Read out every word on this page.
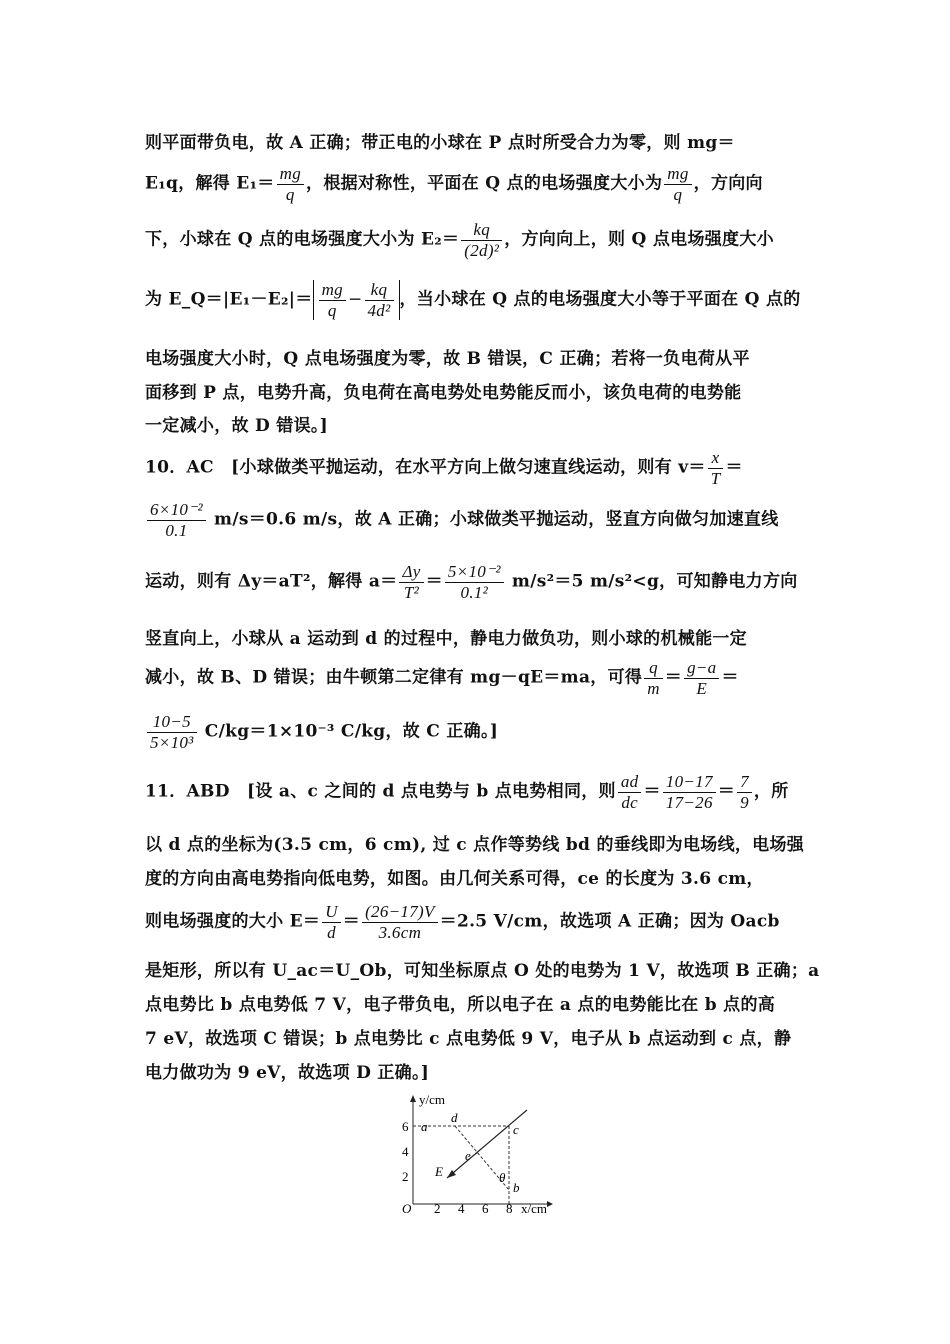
则平面带负电，故 A 正确；带正电的小球在 P 点时所受合力为零，则 mg＝
E₁q，解得 $E_1= \frac{mg}{q}$ ，根据对称性，平面在 Q 点的电场强度大小为 $\frac{mg}{q}$ ，方向向
下，小球在 Q 点的电场强度大小为 $E_2= \frac{kq}{\text{(2d)²}}$ ，方向向上，则 Q 点电场强度大小
为 E_Q＝|E₁－E₂|＝ $\frac{mg}{q} - \frac{kq}{\text{4d²}}$ ，当小球在 Q 点的电场强度大小等于平面在 Q 点的
电场强度大小时，Q 点电场强度为零，故 B 错误，C 正确；若将一负电荷从平
面移到 P 点，电势升高，负电荷在高电势处电势能反而小，该负电荷的电势能
一定减小，故 D 错误。]
10．AC　[小球做类平抛运动，在水平方向上做匀速直线运动，则有 $v= \frac{x}{T}$ ＝
$\frac{\text{6×10⁻²}}{0.1} m/s=0.6$ m/s，故 A 正确；小球做类平抛运动，竖直方向做匀加速直线
运动，则有 Δy＝aT²，解得 $a= \frac{\Delta y}{\text{T²}} = \frac{\text{5×10⁻²}}{\text{0.1²}} m/s^2=5$ m/s²<g，可知静电力方向
竖直向上，小球从 a 运动到 d 的过程中，静电力做负功，则小球的机械能一定
减小，故 B、D 错误；由牛顿第二定律有 mg－qE＝ma，可得 $\frac{q}{m} = \frac{g-a}{E}$ ＝
$\frac{10-5}{\text{5×10³}} C/kg=1\times 10^{-3}$ C/kg，故 C 正确。]
11．ABD　[设 a、c 之间的 d 点电势与 b 点电势相同，则 $\frac{ad}{dc} = \frac{10-17}{17-26} = \frac{7}{9}$ ，所
以 d 点的坐标为(3.5 cm，6 cm), 过 c 点作等势线 bd 的垂线即为电场线，电场强
度的方向由高电势指向低电势，如图。由几何关系可得，ce 的长度为 3.6 cm，
则电场强度的大小 $E= \frac{U}{d} = \frac{(26-17)V}{3.6cm} =2.5$ V/cm，故选项 A 正确；因为 Oacb
是矩形，所以有 U_ac＝U_Ob，可知坐标原点 O 处的电势为 1 V，故选项 B 正确；a
点电势比 b 点电势低 7 V，电子带负电，所以电子在 a 点的电势能比在 b 点的高
7 eV，故选项 C 错误；b 点电势比 c 点电势低 9 V，电子从 b 点运动到 c 点，静
电力做功为 9 eV，故选项 D 正确。]
y/cm
x/cm
O
2
4
6
2 4 6 8
a
d
c
e
b
E	θ
